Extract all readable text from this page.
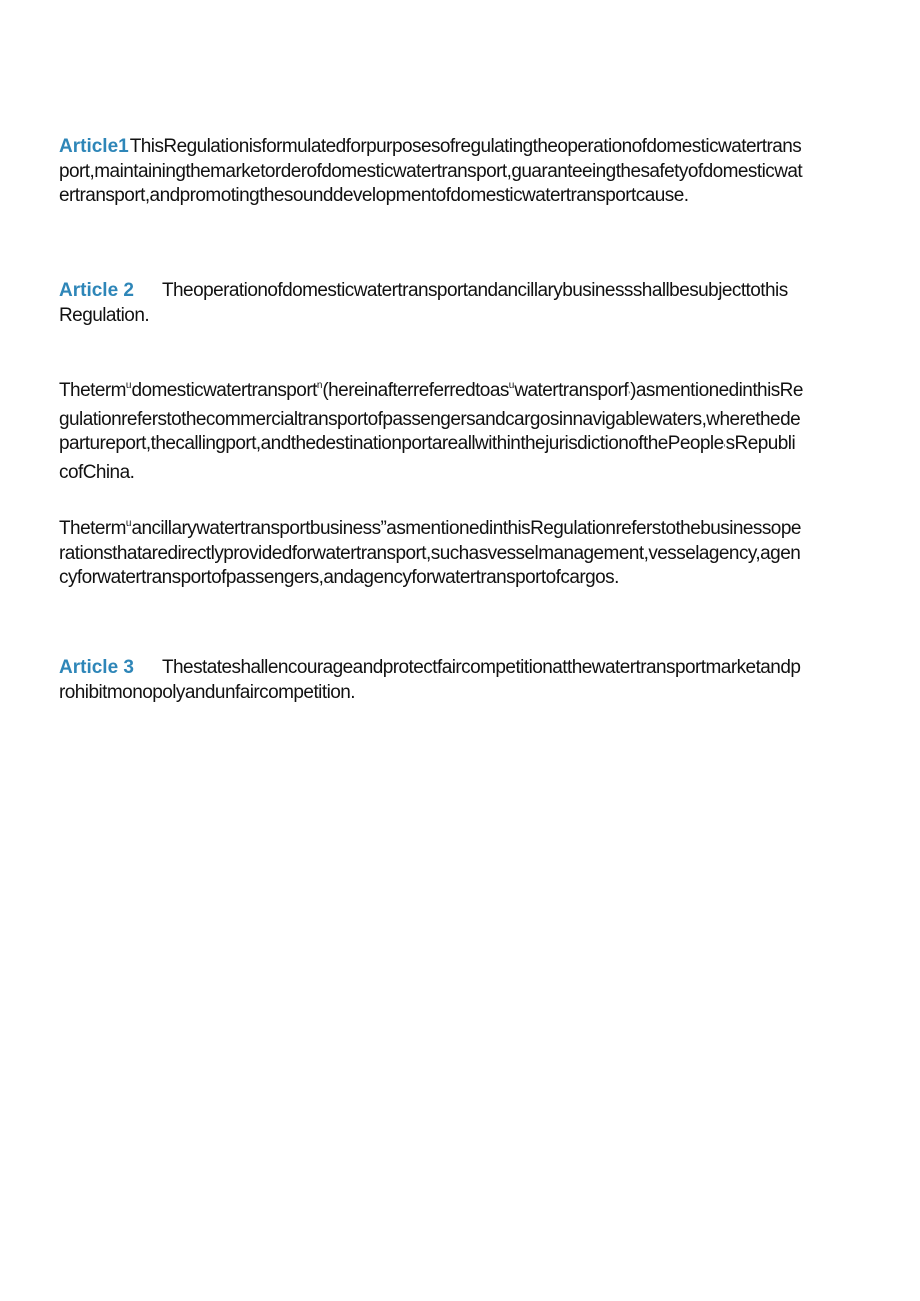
Article1ThisRegulationisformulatedforpurposesofregulatingtheoperationofdomesticwatertransport,maintainingthemarketorderofdomesticwatertransport,guaranteeingthesafetyofdomesticwatertransport,andpromotingthesounddevelopmentofdomesticwatertransportcause.

Article 2 Theoperationofdomesticwatertransportandancillarybusinessshallbesubjecttothis Regulation.

Theterm$^u$domesticwatertransport$^n$(hereinafterreferredtoas$^u$watertransporf’)asmentionedinthisRegulationreferstothecommercialtransportofpassengersandcargosinnavigablewaters,wherethedepartureport,thecallingport,andthedestinationportareallwithinthejurisdictionofthePeople’sRepublicofChina.

Theterm$^u$ancillarywatertransportbusiness”asmentionedinthisRegulationreferstothebusinessoperationsthataredirectlyprovidedforwatertransport,suchasvesselmanagement,vesselagency,agencyforwatertransportofpassengers,andagencyforwatertransportofcargos.

Article 3 Thestateshallencourageandprotectfaircompetitionatthewatertransportmarketandprohibitmonopolyandunfaircompetition.
